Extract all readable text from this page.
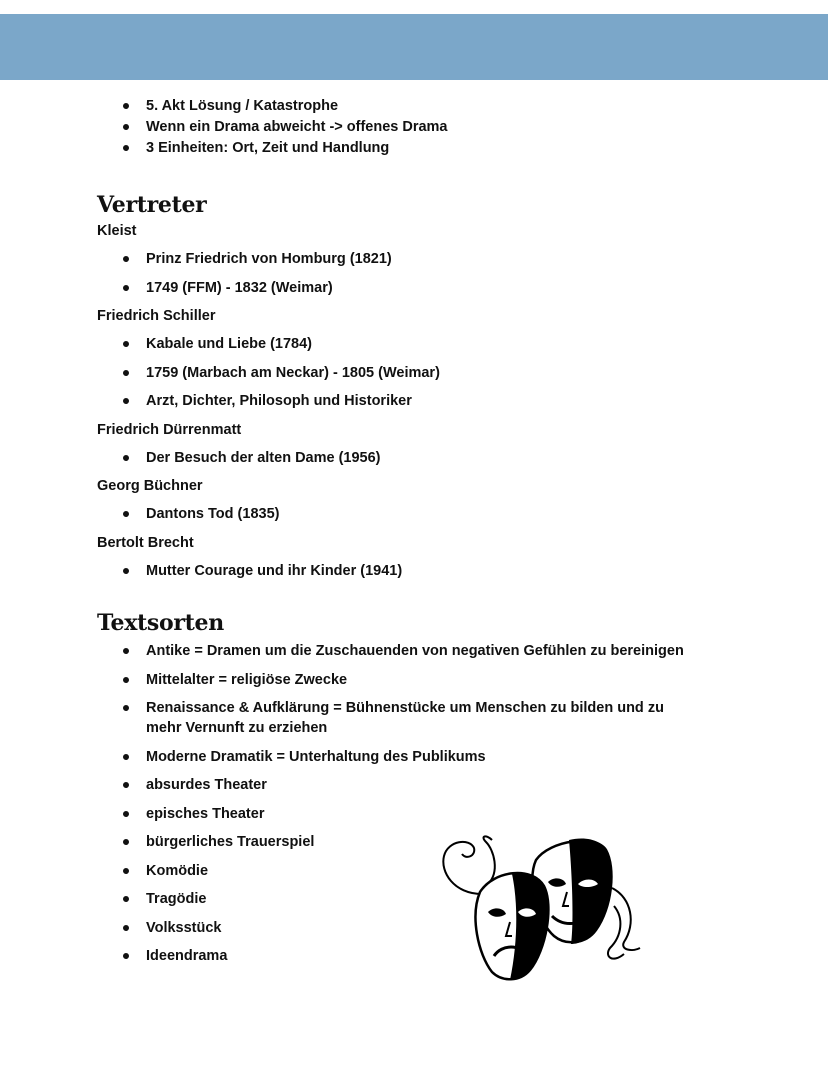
5. Akt Lösung / Katastrophe
Wenn ein Drama abweicht -> offenes Drama
3 Einheiten: Ort, Zeit und Handlung
Vertreter
Kleist
Prinz Friedrich von Homburg (1821)
1749 (FFM) - 1832 (Weimar)
Friedrich Schiller
Kabale und Liebe (1784)
1759 (Marbach am Neckar) - 1805 (Weimar)
Arzt, Dichter, Philosoph und Historiker
Friedrich Dürrenmatt
Der Besuch der alten Dame (1956)
Georg Büchner
Dantons Tod (1835)
Bertolt Brecht
Mutter Courage und ihr Kinder (1941)
Textsorten
Antike = Dramen um die Zuschauenden von negativen Gefühlen zu bereinigen
Mittelalter = religiöse Zwecke
Renaissance & Aufklärung = Bühnenstücke um Menschen zu bilden und zu mehr Vernunft zu erziehen
Moderne Dramatik = Unterhaltung des Publikums
absurdes Theater
episches Theater
bürgerliches Trauerspiel
Komödie
Tragödie
Volksstück
Ideendrama
